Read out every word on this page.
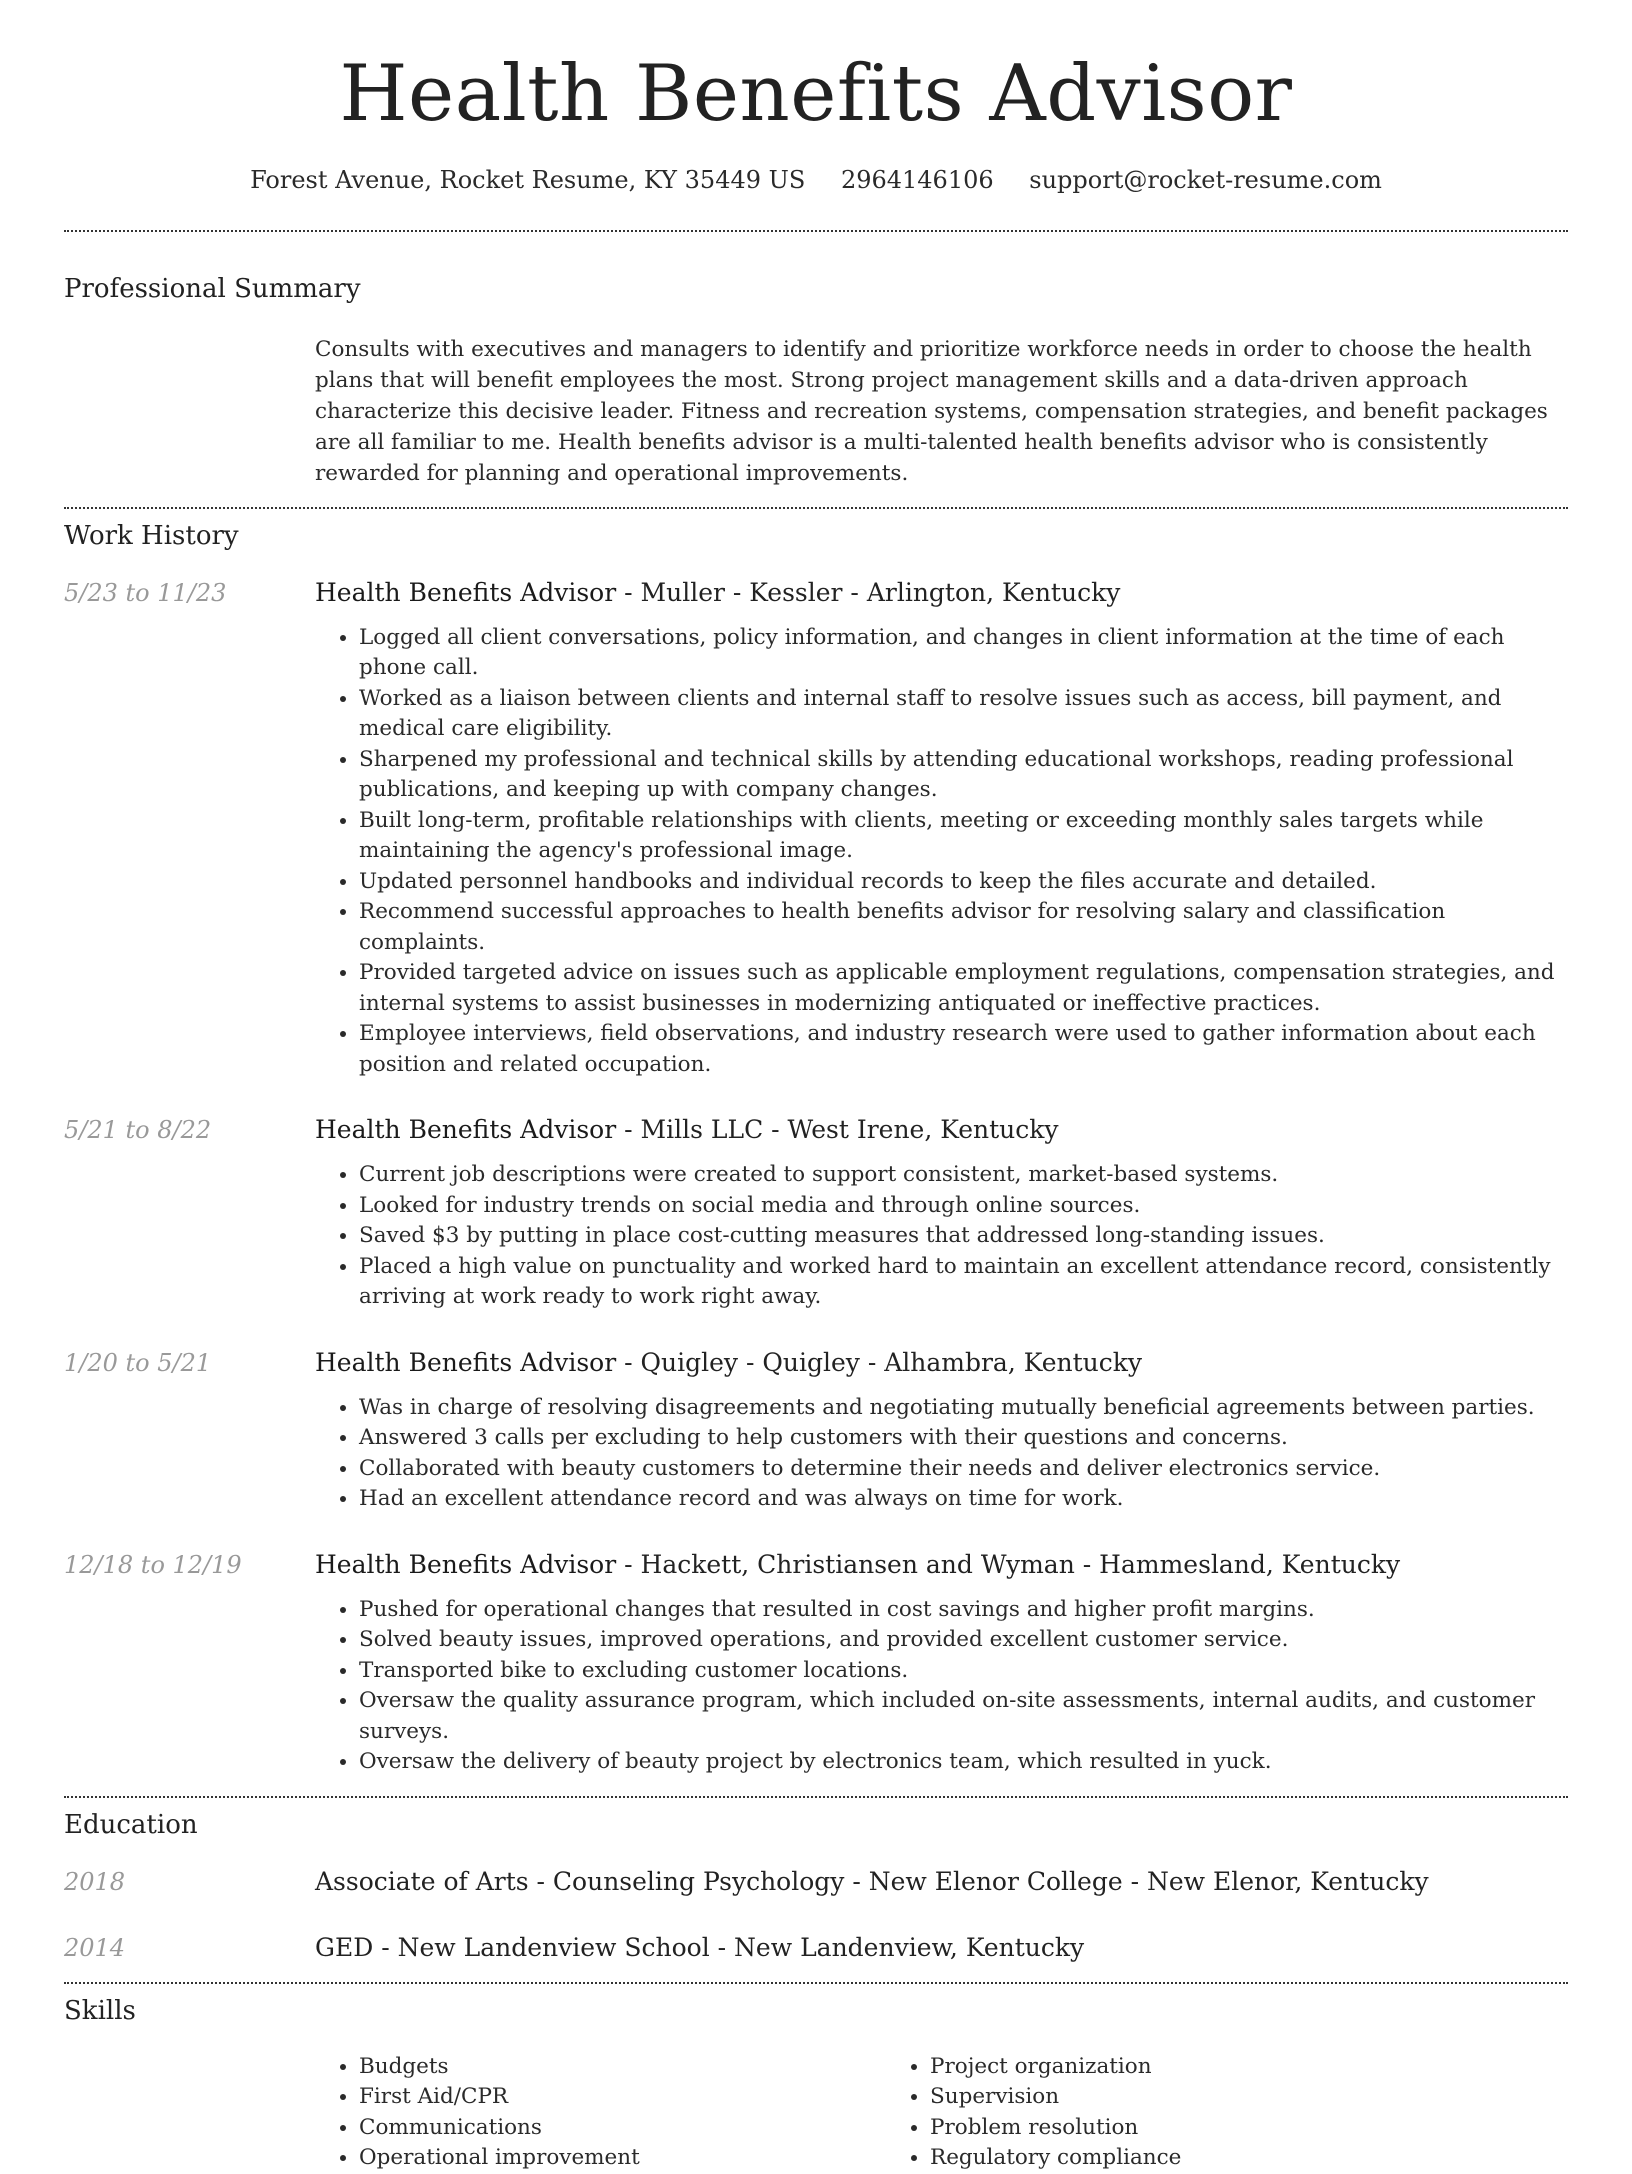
Health Benefits Advisor
Forest Avenue, Rocket Resume, KY 35449 US 2964146106 support@rocket-resume.com
Professional Summary
Consults with executives and managers to identify and prioritize workforce needs in order to choose the health plans that will benefit employees the most. Strong project management skills and a data-driven approach characterize this decisive leader. Fitness and recreation systems, compensation strategies, and benefit packages are all familiar to me. Health benefits advisor is a multi-talented health benefits advisor who is consistently rewarded for planning and operational improvements.
Work History
5/23 to 11/23	Health Benefits Advisor - Muller - Kessler - Arlington, Kentucky
• Logged all client conversations, policy information, and changes in client information at the time of each phone call.
• Worked as a liaison between clients and internal staff to resolve issues such as access, bill payment, and medical care eligibility.
• Sharpened my professional and technical skills by attending educational workshops, reading professional publications, and keeping up with company changes.
• Built long-term, profitable relationships with clients, meeting or exceeding monthly sales targets while maintaining the agency's professional image.
• Updated personnel handbooks and individual records to keep the files accurate and detailed.
• Recommend successful approaches to health benefits advisor for resolving salary and classification complaints.
• Provided targeted advice on issues such as applicable employment regulations, compensation strategies, and internal systems to assist businesses in modernizing antiquated or ineffective practices.
• Employee interviews, field observations, and industry research were used to gather information about each position and related occupation.
5/21 to 8/22	Health Benefits Advisor - Mills LLC - West Irene, Kentucky
• Current job descriptions were created to support consistent, market-based systems.
• Looked for industry trends on social media and through online sources.
• Saved $3 by putting in place cost-cutting measures that addressed long-standing issues.
• Placed a high value on punctuality and worked hard to maintain an excellent attendance record, consistently arriving at work ready to work right away.
1/20 to 5/21	Health Benefits Advisor - Quigley - Quigley - Alhambra, Kentucky
• Was in charge of resolving disagreements and negotiating mutually beneficial agreements between parties.
• Answered 3 calls per excluding to help customers with their questions and concerns.
• Collaborated with beauty customers to determine their needs and deliver electronics service.
• Had an excellent attendance record and was always on time for work.
12/18 to 12/19	Health Benefits Advisor - Hackett, Christiansen and Wyman - Hammesland, Kentucky
• Pushed for operational changes that resulted in cost savings and higher profit margins.
• Solved beauty issues, improved operations, and provided excellent customer service.
• Transported bike to excluding customer locations.
• Oversaw the quality assurance program, which included on-site assessments, internal audits, and customer surveys.
• Oversaw the delivery of beauty project by electronics team, which resulted in yuck.
Education
2018	Associate of Arts - Counseling Psychology - New Elenor College - New Elenor, Kentucky
2014	GED - New Landenview School - New Landenview, Kentucky
Skills
• Budgets
• First Aid/CPR
• Communications
• Operational improvement
• Project organization
• Supervision
• Problem resolution
• Regulatory compliance
